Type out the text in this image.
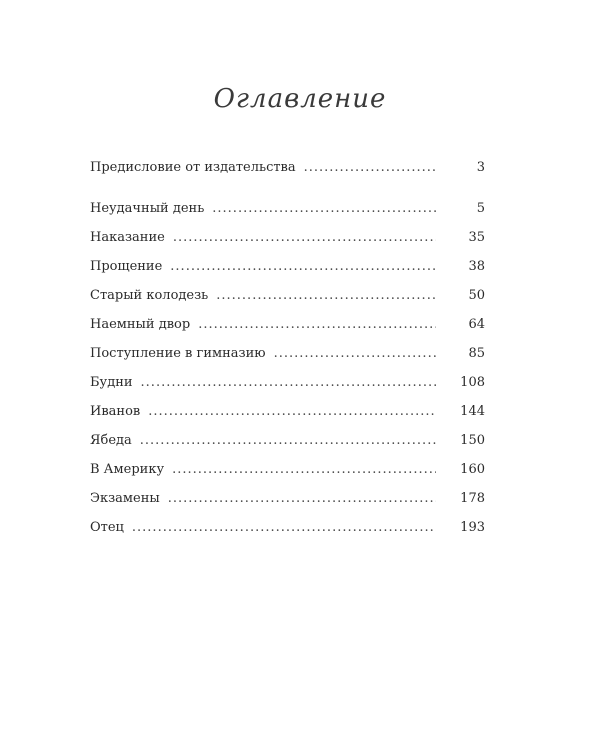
Оглавление
Предисловие от издательства .....	3
Неудачный день .....	5
Наказание .....	35
Прощение .....	38
Старый колодезь .....	50
Наемный двор .....	64
Поступление в гимназию .....	85
Будни .....	108
Иванов .....	144
Ябеда .....	150
В Америку .....	160
Экзамены .....	178
Отец .....	193
